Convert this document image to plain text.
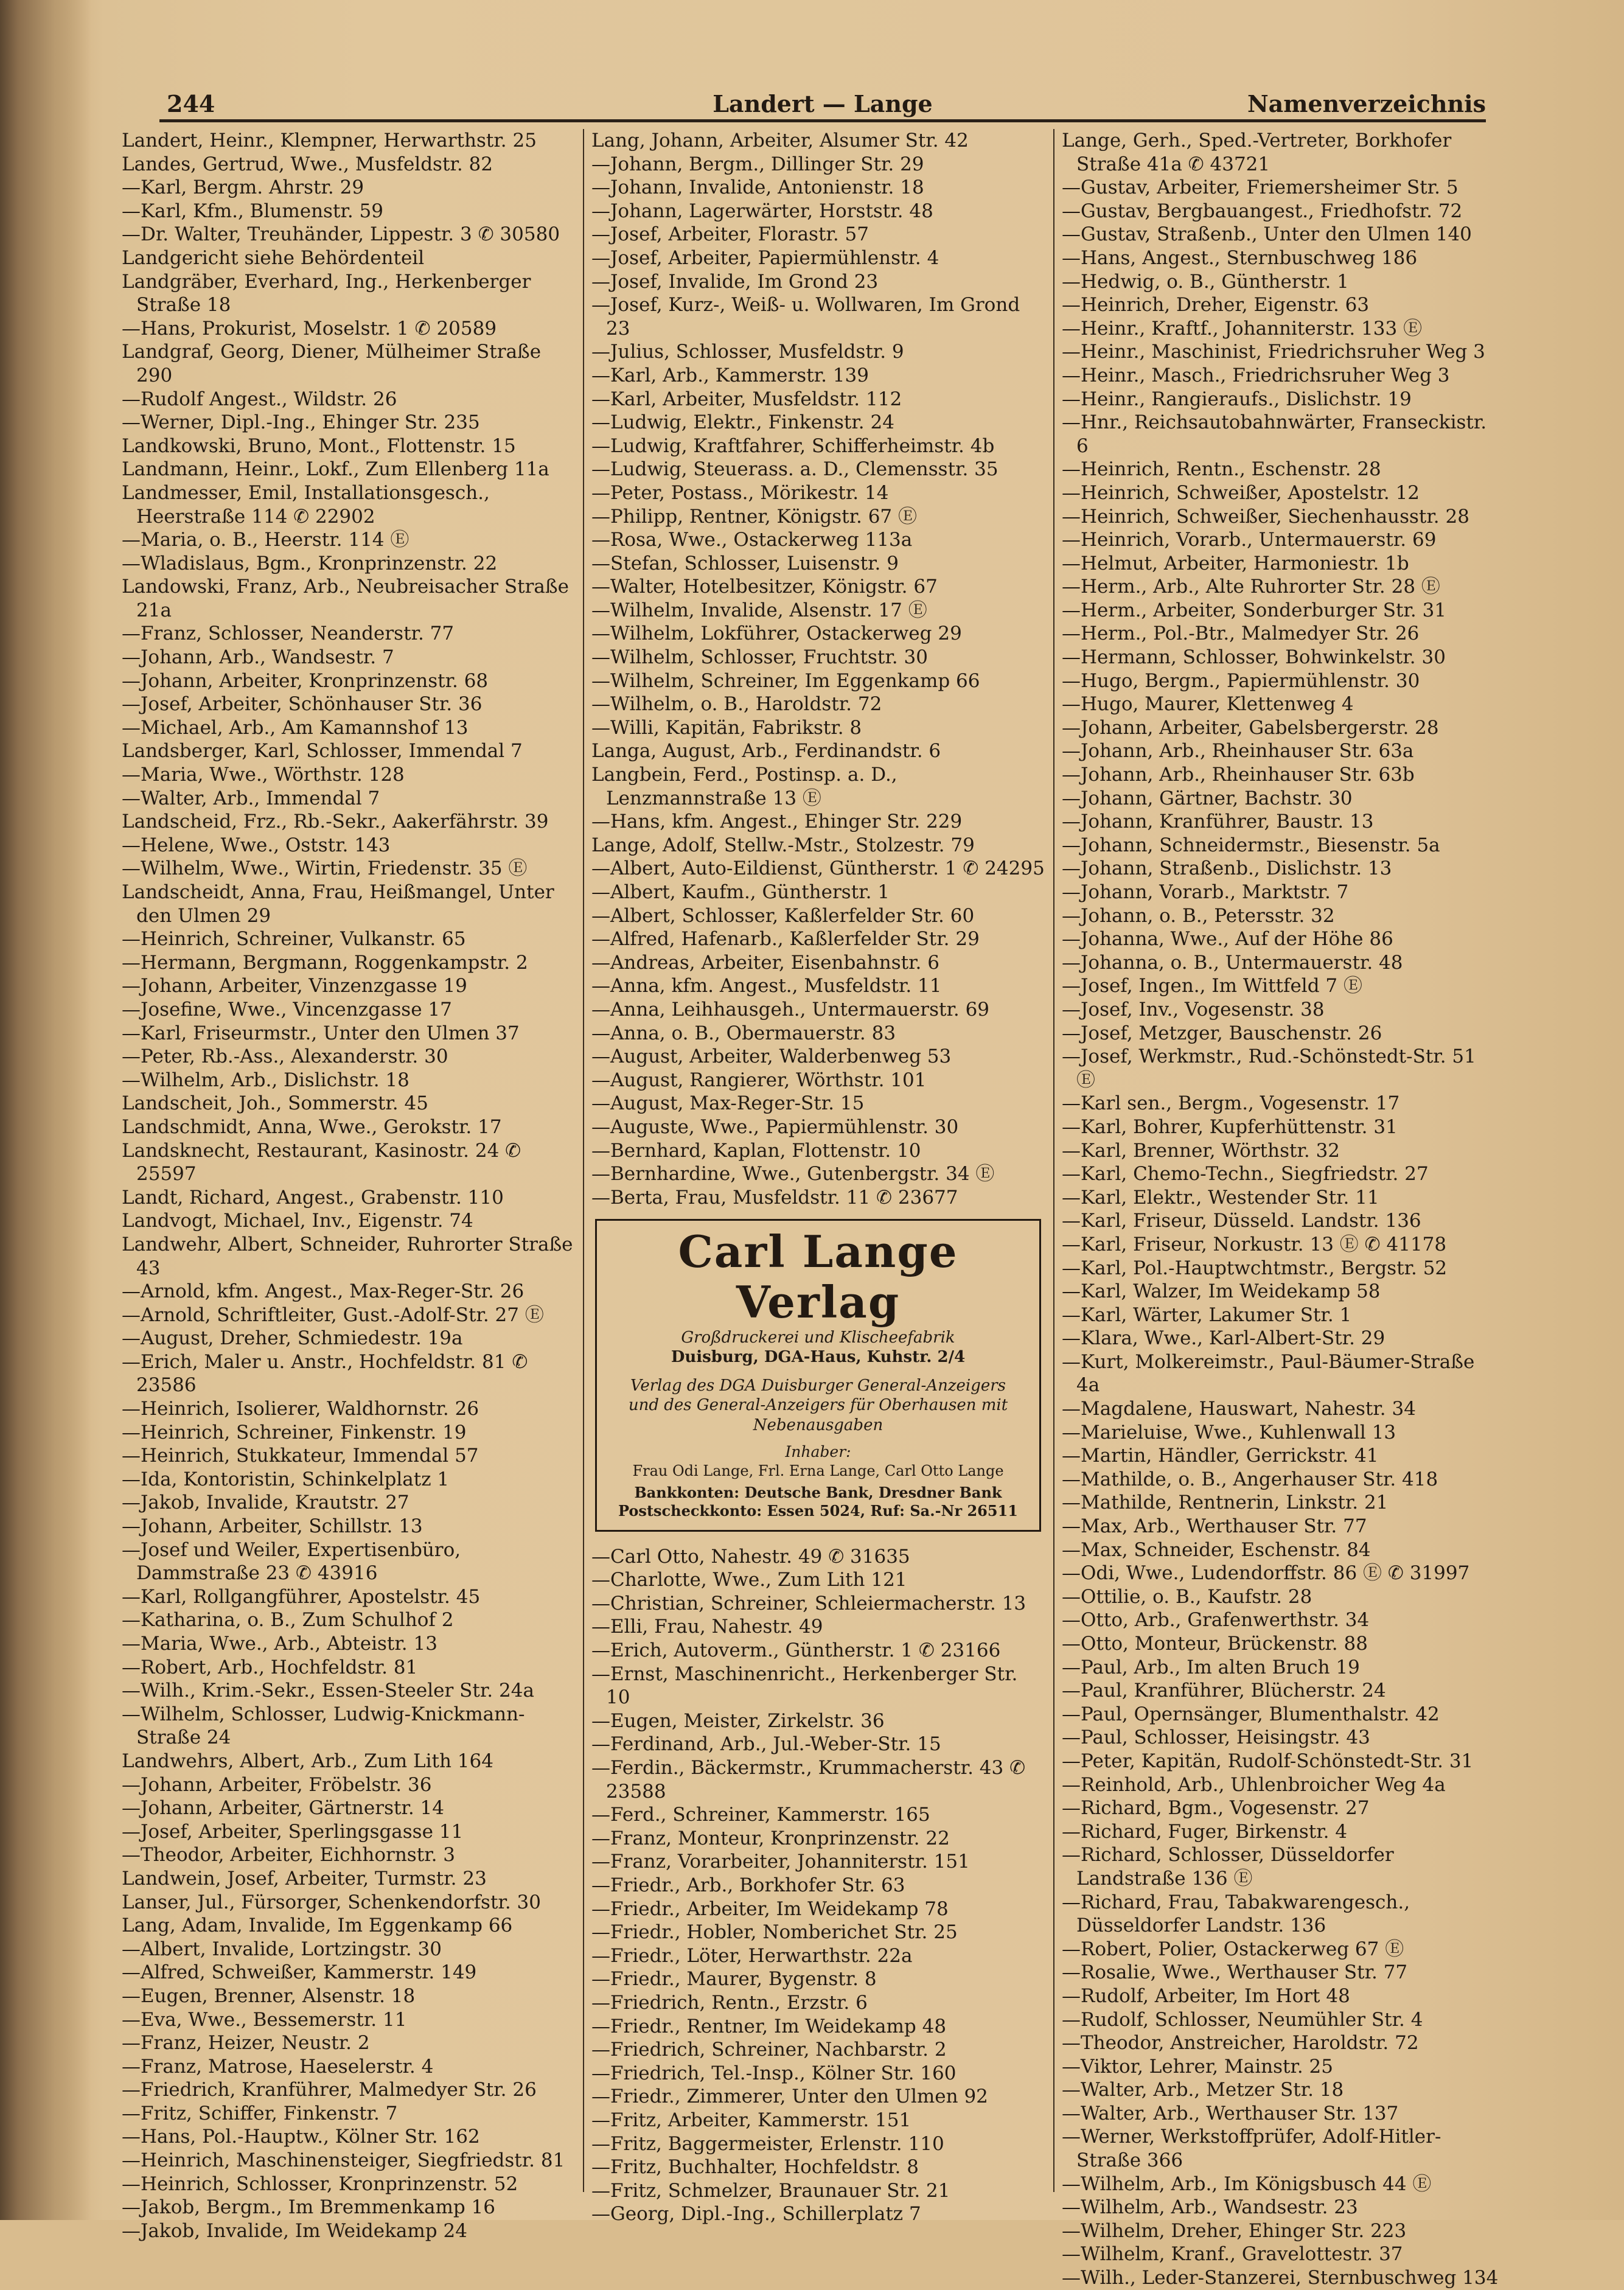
244	Landert — Lange	Namenverzeichnis
Landert, Heinr., Klempner, Herwarthstr. 25
Landes, Gertrud, Wwe., Musfeldstr. 82
—Karl, Bergm. Ahrstr. 29
—Karl, Kfm., Blumenstr. 59
—Dr. Walter, Treuhänder, Lippestr. 3 ✆ 30580
Landgericht siehe Behördenteil
Landgräber, Everhard, Ing., Herkenberger Straße 18
—Hans, Prokurist, Moselstr. 1 ✆ 20589
Landgraf, Georg, Diener, Mülheimer Straße 290
—Rudolf Angest., Wildstr. 26
—Werner, Dipl.-Ing., Ehinger Str. 235
Landkowski, Bruno, Mont., Flottenstr. 15
Landmann, Heinr., Lokf., Zum Ellenberg 11a
Landmesser, Emil, Installationsgesch., Heerstraße 114 ✆ 22902
—Maria, o. B., Heerstr. 114 Ⓔ
—Wladislaus, Bgm., Kronprinzenstr. 22
Landowski, Franz, Arb., Neubreisacher Straße 21a
—Franz, Schlosser, Neanderstr. 77
—Johann, Arb., Wandsestr. 7
—Johann, Arbeiter, Kronprinzenstr. 68
—Josef, Arbeiter, Schönhauser Str. 36
—Michael, Arb., Am Kamannshof 13
Landsberger, Karl, Schlosser, Immendal 7
—Maria, Wwe., Wörthstr. 128
—Walter, Arb., Immendal 7
Landscheid, Frz., Rb.-Sekr., Aakerfährstr. 39
—Helene, Wwe., Oststr. 143
—Wilhelm, Wwe., Wirtin, Friedenstr. 35 Ⓔ
Landscheidt, Anna, Frau, Heißmangel, Unter den Ulmen 29
—Heinrich, Schreiner, Vulkanstr. 65
—Hermann, Bergmann, Roggenkampstr. 2
—Johann, Arbeiter, Vinzenzgasse 19
—Josefine, Wwe., Vincenzgasse 17
—Karl, Friseurmstr., Unter den Ulmen 37
—Peter, Rb.-Ass., Alexanderstr. 30
—Wilhelm, Arb., Dislichstr. 18
Landscheit, Joh., Sommerstr. 45
Landschmidt, Anna, Wwe., Gerokstr. 17
Landsknecht, Restaurant, Kasinostr. 24 ✆ 25597
Landt, Richard, Angest., Grabenstr. 110
Landvogt, Michael, Inv., Eigenstr. 74
Landwehr, Albert, Schneider, Ruhrorter Straße 43
—Arnold, kfm. Angest., Max-Reger-Str. 26
—Arnold, Schriftleiter, Gust.-Adolf-Str. 27 Ⓔ
—August, Dreher, Schmiedestr. 19a
—Erich, Maler u. Anstr., Hochfeldstr. 81 ✆ 23586
—Heinrich, Isolierer, Waldhornstr. 26
—Heinrich, Schreiner, Finkenstr. 19
—Heinrich, Stukkateur, Immendal 57
—Ida, Kontoristin, Schinkelplatz 1
—Jakob, Invalide, Krautstr. 27
—Johann, Arbeiter, Schillstr. 13
—Josef und Weiler, Expertisenbüro, Dammstraße 23 ✆ 43916
—Karl, Rollgangführer, Apostelstr. 45
—Katharina, o. B., Zum Schulhof 2
—Maria, Wwe., Arb., Abteistr. 13
—Robert, Arb., Hochfeldstr. 81
—Wilh., Krim.-Sekr., Essen-Steeler Str. 24a
—Wilhelm, Schlosser, Ludwig-Knickmann-Straße 24
Landwehrs, Albert, Arb., Zum Lith 164
—Johann, Arbeiter, Fröbelstr. 36
—Johann, Arbeiter, Gärtnerstr. 14
—Josef, Arbeiter, Sperlingsgasse 11
—Theodor, Arbeiter, Eichhornstr. 3
Landwein, Josef, Arbeiter, Turmstr. 23
Lanser, Jul., Fürsorger, Schenkendorfstr. 30
Lang, Adam, Invalide, Im Eggenkamp 66
—Albert, Invalide, Lortzingstr. 30
—Alfred, Schweißer, Kammerstr. 149
—Eugen, Brenner, Alsenstr. 18
—Eva, Wwe., Bessemerstr. 11
—Franz, Heizer, Neustr. 2
—Franz, Matrose, Haeselerstr. 4
—Friedrich, Kranführer, Malmedyer Str. 26
—Fritz, Schiffer, Finkenstr. 7
—Hans, Pol.-Hauptw., Kölner Str. 162
—Heinrich, Maschinensteiger, Siegfriedstr. 81
—Heinrich, Schlosser, Kronprinzenstr. 52
—Jakob, Bergm., Im Bremmenkamp 16
—Jakob, Invalide, Im Weidekamp 24
Lang, Johann, Arbeiter, Alsumer Str. 42
—Johann, Bergm., Dillinger Str. 29
—Johann, Invalide, Antonienstr. 18
—Johann, Lagerwärter, Horststr. 48
—Josef, Arbeiter, Florastr. 57
—Josef, Arbeiter, Papiermühlenstr. 4
—Josef, Invalide, Im Grond 23
—Josef, Kurz-, Weiß- u. Wollwaren, Im Grond 23
—Julius, Schlosser, Musfeldstr. 9
—Karl, Arb., Kammerstr. 139
—Karl, Arbeiter, Musfeldstr. 112
—Ludwig, Elektr., Finkenstr. 24
—Ludwig, Kraftfahrer, Schifferheimstr. 4b
—Ludwig, Steuerass. a. D., Clemensstr. 35
—Peter, Postass., Mörikestr. 14
—Philipp, Rentner, Königstr. 67 Ⓔ
—Rosa, Wwe., Ostackerweg 113a
—Stefan, Schlosser, Luisenstr. 9
—Walter, Hotelbesitzer, Königstr. 67
—Wilhelm, Invalide, Alsenstr. 17 Ⓔ
—Wilhelm, Lokführer, Ostackerweg 29
—Wilhelm, Schlosser, Fruchtstr. 30
—Wilhelm, Schreiner, Im Eggenkamp 66
—Wilhelm, o. B., Haroldstr. 72
—Willi, Kapitän, Fabrikstr. 8
Langa, August, Arb., Ferdinandstr. 6
Langbein, Ferd., Postinsp. a. D., Lenzmannstraße 13 Ⓔ
—Hans, kfm. Angest., Ehinger Str. 229
Lange, Adolf, Stellw.-Mstr., Stolzestr. 79
—Albert, Auto-Eildienst, Güntherstr. 1 ✆ 24295
—Albert, Kaufm., Güntherstr. 1
—Albert, Schlosser, Kaßlerfelder Str. 60
—Alfred, Hafenarb., Kaßlerfelder Str. 29
—Andreas, Arbeiter, Eisenbahnstr. 6
—Anna, kfm. Angest., Musfeldstr. 11
—Anna, Leihhausgeh., Untermauerstr. 69
—Anna, o. B., Obermauerstr. 83
—August, Arbeiter, Walderbenweg 53
—August, Rangierer, Wörthstr. 101
—August, Max-Reger-Str. 15
—Auguste, Wwe., Papiermühlenstr. 30
—Bernhard, Kaplan, Flottenstr. 10
—Bernhardine, Wwe., Gutenbergstr. 34 Ⓔ
—Berta, Frau, Musfeldstr. 11 ✆ 23677
Carl Lange Verlag
Großdruckerei und Klischeefabrik
Duisburg, DGA-Haus, Kuhstr. 2/4
Verlag des DGA Duisburger General-Anzeigers
und des General-Anzeigers für Oberhausen mit Nebenausgaben
Inhaber:
Frau Odi Lange, Frl. Erna Lange, Carl Otto Lange
Bankkonten: Deutsche Bank, Dresdner Bank
Postscheckkonto: Essen 5024, Ruf: Sa.-Nr 26511
—Carl Otto, Nahestr. 49 ✆ 31635
—Charlotte, Wwe., Zum Lith 121
—Christian, Schreiner, Schleiermacherstr. 13
—Elli, Frau, Nahestr. 49
—Erich, Autoverm., Güntherstr. 1 ✆ 23166
—Ernst, Maschinenricht., Herkenberger Str. 10
—Eugen, Meister, Zirkelstr. 36
—Ferdinand, Arb., Jul.-Weber-Str. 15
—Ferdin., Bäckermstr., Krummacherstr. 43 ✆ 23588
—Ferd., Schreiner, Kammerstr. 165
—Franz, Monteur, Kronprinzenstr. 22
—Franz, Vorarbeiter, Johanniterstr. 151
—Friedr., Arb., Borkhofer Str. 63
—Friedr., Arbeiter, Im Weidekamp 78
—Friedr., Hobler, Nomberichet Str. 25
—Friedr., Löter, Herwarthstr. 22a
—Friedr., Maurer, Bygenstr. 8
—Friedrich, Rentn., Erzstr. 6
—Friedr., Rentner, Im Weidekamp 48
—Friedrich, Schreiner, Nachbarstr. 2
—Friedrich, Tel.-Insp., Kölner Str. 160
—Friedr., Zimmerer, Unter den Ulmen 92
—Fritz, Arbeiter, Kammerstr. 151
—Fritz, Baggermeister, Erlenstr. 110
—Fritz, Buchhalter, Hochfeldstr. 8
—Fritz, Schmelzer, Braunauer Str. 21
—Georg, Dipl.-Ing., Schillerplatz 7
Lange, Gerh., Sped.-Vertreter, Borkhofer Straße 41a ✆ 43721
—Gustav, Arbeiter, Friemersheimer Str. 5
—Gustav, Bergbauangest., Friedhofstr. 72
—Gustav, Straßenb., Unter den Ulmen 140
—Hans, Angest., Sternbuschweg 186
—Hedwig, o. B., Güntherstr. 1
—Heinrich, Dreher, Eigenstr. 63
—Heinr., Kraftf., Johanniterstr. 133 Ⓔ
—Heinr., Maschinist, Friedrichsruher Weg 3
—Heinr., Masch., Friedrichsruher Weg 3
—Heinr., Rangieraufs., Dislichstr. 19
—Hnr., Reichsautobahnwärter, Franseckistr. 6
—Heinrich, Rentn., Eschenstr. 28
—Heinrich, Schweißer, Apostelstr. 12
—Heinrich, Schweißer, Siechenhausstr. 28
—Heinrich, Vorarb., Untermauerstr. 69
—Helmut, Arbeiter, Harmoniestr. 1b
—Herm., Arb., Alte Ruhrorter Str. 28 Ⓔ
—Herm., Arbeiter, Sonderburger Str. 31
—Herm., Pol.-Btr., Malmedyer Str. 26
—Hermann, Schlosser, Bohwinkelstr. 30
—Hugo, Bergm., Papiermühlenstr. 30
—Hugo, Maurer, Klettenweg 4
—Johann, Arbeiter, Gabelsbergerstr. 28
—Johann, Arb., Rheinhauser Str. 63a
—Johann, Arb., Rheinhauser Str. 63b
—Johann, Gärtner, Bachstr. 30
—Johann, Kranführer, Baustr. 13
—Johann, Schneidermstr., Biesenstr. 5a
—Johann, Straßenb., Dislichstr. 13
—Johann, Vorarb., Marktstr. 7
—Johann, o. B., Petersstr. 32
—Johanna, Wwe., Auf der Höhe 86
—Johanna, o. B., Untermauerstr. 48
—Josef, Ingen., Im Wittfeld 7 Ⓔ
—Josef, Inv., Vogesenstr. 38
—Josef, Metzger, Bauschenstr. 26
—Josef, Werkmstr., Rud.-Schönstedt-Str. 51 Ⓔ
—Karl sen., Bergm., Vogesenstr. 17
—Karl, Bohrer, Kupferhüttenstr. 31
—Karl, Brenner, Wörthstr. 32
—Karl, Chemo-Techn., Siegfriedstr. 27
—Karl, Elektr., Westender Str. 11
—Karl, Friseur, Düsseld. Landstr. 136
—Karl, Friseur, Norkustr. 13 Ⓔ ✆ 41178
—Karl, Pol.-Hauptwchtmstr., Bergstr. 52
—Karl, Walzer, Im Weidekamp 58
—Karl, Wärter, Lakumer Str. 1
—Klara, Wwe., Karl-Albert-Str. 29
—Kurt, Molkereimstr., Paul-Bäumer-Straße 4a
—Magdalene, Hauswart, Nahestr. 34
—Marieluise, Wwe., Kuhlenwall 13
—Martin, Händler, Gerrickstr. 41
—Mathilde, o. B., Angerhauser Str. 418
—Mathilde, Rentnerin, Linkstr. 21
—Max, Arb., Werthauser Str. 77
—Max, Schneider, Eschenstr. 84
—Odi, Wwe., Ludendorffstr. 86 Ⓔ ✆ 31997
—Ottilie, o. B., Kaufstr. 28
—Otto, Arb., Grafenwerthstr. 34
—Otto, Monteur, Brückenstr. 88
—Paul, Arb., Im alten Bruch 19
—Paul, Kranführer, Blücherstr. 24
—Paul, Opernsänger, Blumenthalstr. 42
—Paul, Schlosser, Heisingstr. 43
—Peter, Kapitän, Rudolf-Schönstedt-Str. 31
—Reinhold, Arb., Uhlenbroicher Weg 4a
—Richard, Bgm., Vogesenstr. 27
—Richard, Fuger, Birkenstr. 4
—Richard, Schlosser, Düsseldorfer Landstraße 136 Ⓔ
—Richard, Frau, Tabakwarengesch., Düsseldorfer Landstr. 136
—Robert, Polier, Ostackerweg 67 Ⓔ
—Rosalie, Wwe., Werthauser Str. 77
—Rudolf, Arbeiter, Im Hort 48
—Rudolf, Schlosser, Neumühler Str. 4
—Theodor, Anstreicher, Haroldstr. 72
—Viktor, Lehrer, Mainstr. 25
—Walter, Arb., Metzer Str. 18
—Walter, Arb., Werthauser Str. 137
—Werner, Werkstoffprüfer, Adolf-Hitler-Straße 366
—Wilhelm, Arb., Im Königsbusch 44 Ⓔ
—Wilhelm, Arb., Wandsestr. 23
—Wilhelm, Dreher, Ehinger Str. 223
—Wilhelm, Kranf., Gravelottestr. 37
—Wilh., Leder-Stanzerei, Sternbuschweg 134
